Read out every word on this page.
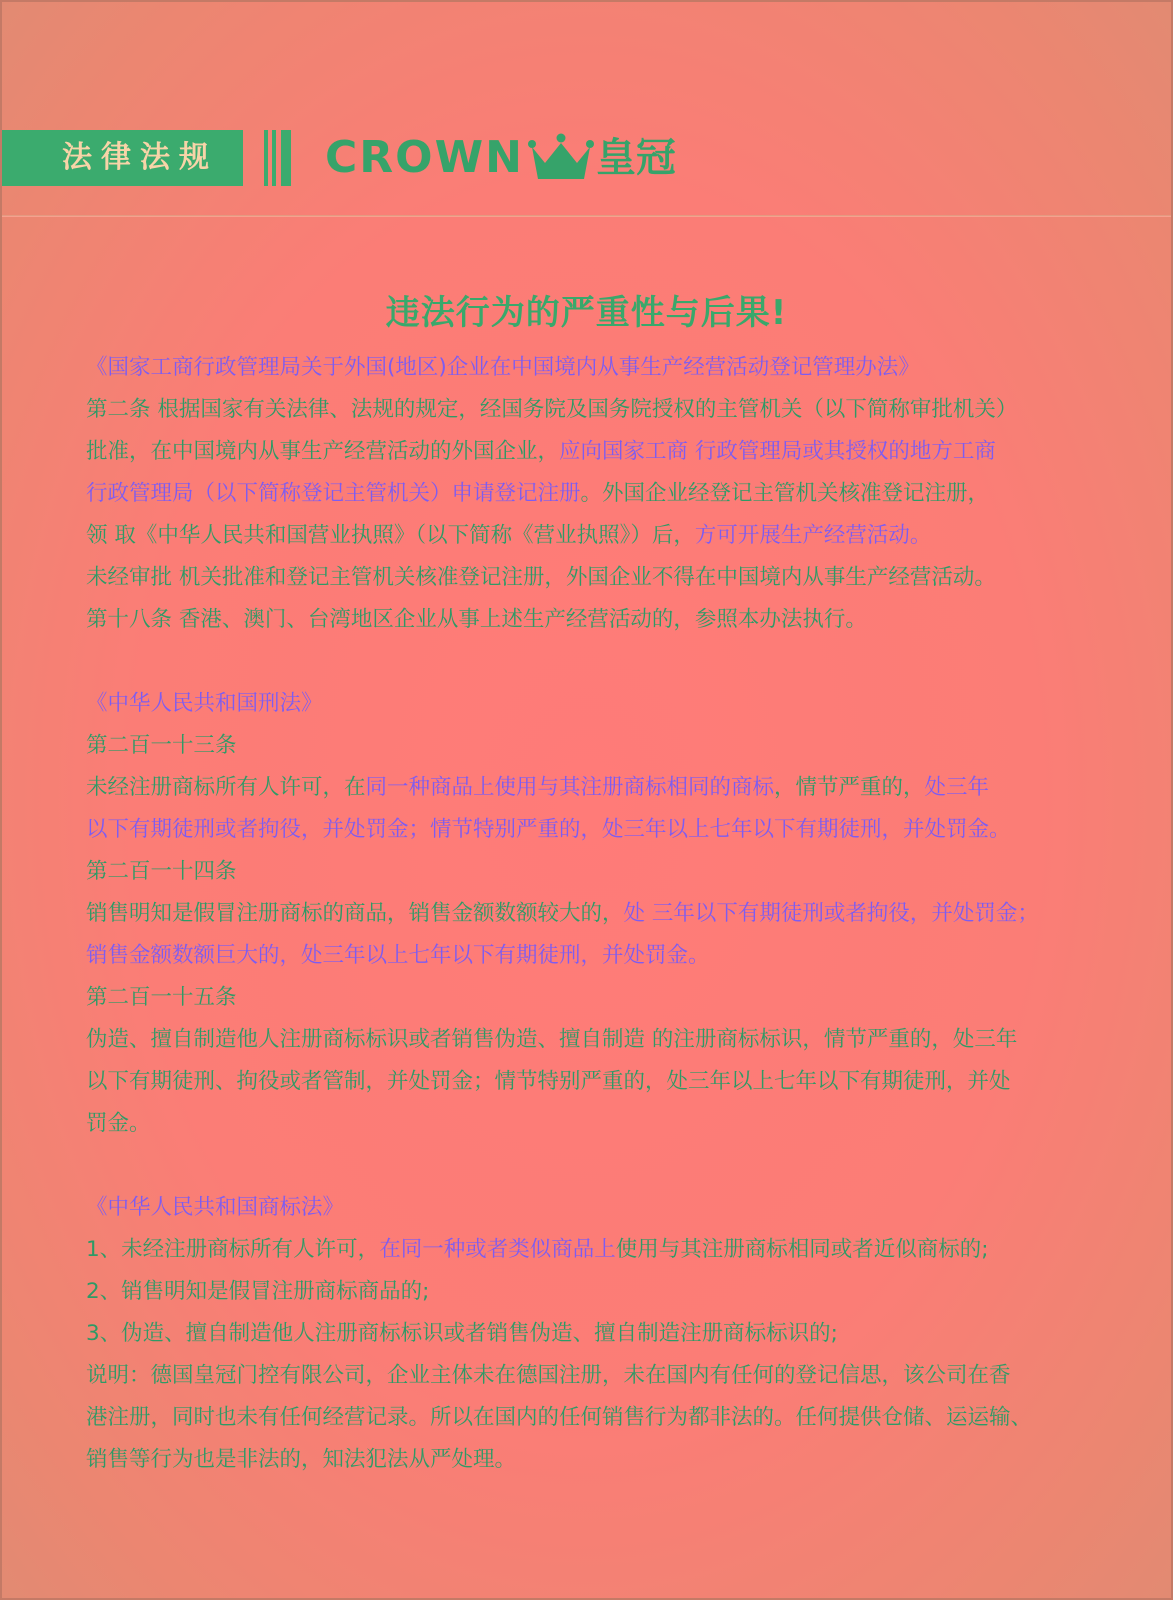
法律法规	CROWN 皇冠
违法行为的严重性与后果!
《国家工商行政管理局关于外国(地区)企业在中国境内从事生产经营活动登记管理办法》
第二条 根据国家有关法律、法规的规定，经国务院及国务院授权的主管机关（以下简称审批机关）
批准，在中国境内从事生产经营活动的外国企业，应向国家工商 行政管理局或其授权的地方工商
行政管理局（以下简称登记主管机关）申请登记注册。外国企业经登记主管机关核准登记注册，
领 取《中华人民共和国营业执照》（以下简称《营业执照》）后，方可开展生产经营活动。
未经审批 机关批准和登记主管机关核准登记注册，外国企业不得在中国境内从事生产经营活动。
第十八条 香港、澳门、台湾地区企业从事上述生产经营活动的，参照本办法执行。
《中华人民共和国刑法》
第二百一十三条
未经注册商标所有人许可，在同一种商品上使用与其注册商标相同的商标，情节严重的，处三年
以下有期徒刑或者拘役，并处罚金；情节特别严重的，处三年以上七年以下有期徒刑，并处罚金。
第二百一十四条
销售明知是假冒注册商标的商品，销售金额数额较大的，处 三年以下有期徒刑或者拘役，并处罚金；
销售金额数额巨大的，处三年以上七年以下有期徒刑，并处罚金。
第二百一十五条
伪造、擅自制造他人注册商标标识或者销售伪造、擅自制造 的注册商标标识，情节严重的，处三年
以下有期徒刑、拘役或者管制，并处罚金；情节特别严重的，处三年以上七年以下有期徒刑，并处
罚金。
《中华人民共和国商标法》
1、未经注册商标所有人许可，在同一种或者类似商品上使用与其注册商标相同或者近似商标的;
2、销售明知是假冒注册商标商品的;
3、伪造、擅自制造他人注册商标标识或者销售伪造、擅自制造注册商标标识的;
说明：德国皇冠门控有限公司，企业主体未在德国注册，未在国内有任何的登记信思，该公司在香
港注册，同时也未有任何经营记录。所以在国内的任何销售行为都非法的。任何提供仓储、运运输、
销售等行为也是非法的，知法犯法从严处理。
